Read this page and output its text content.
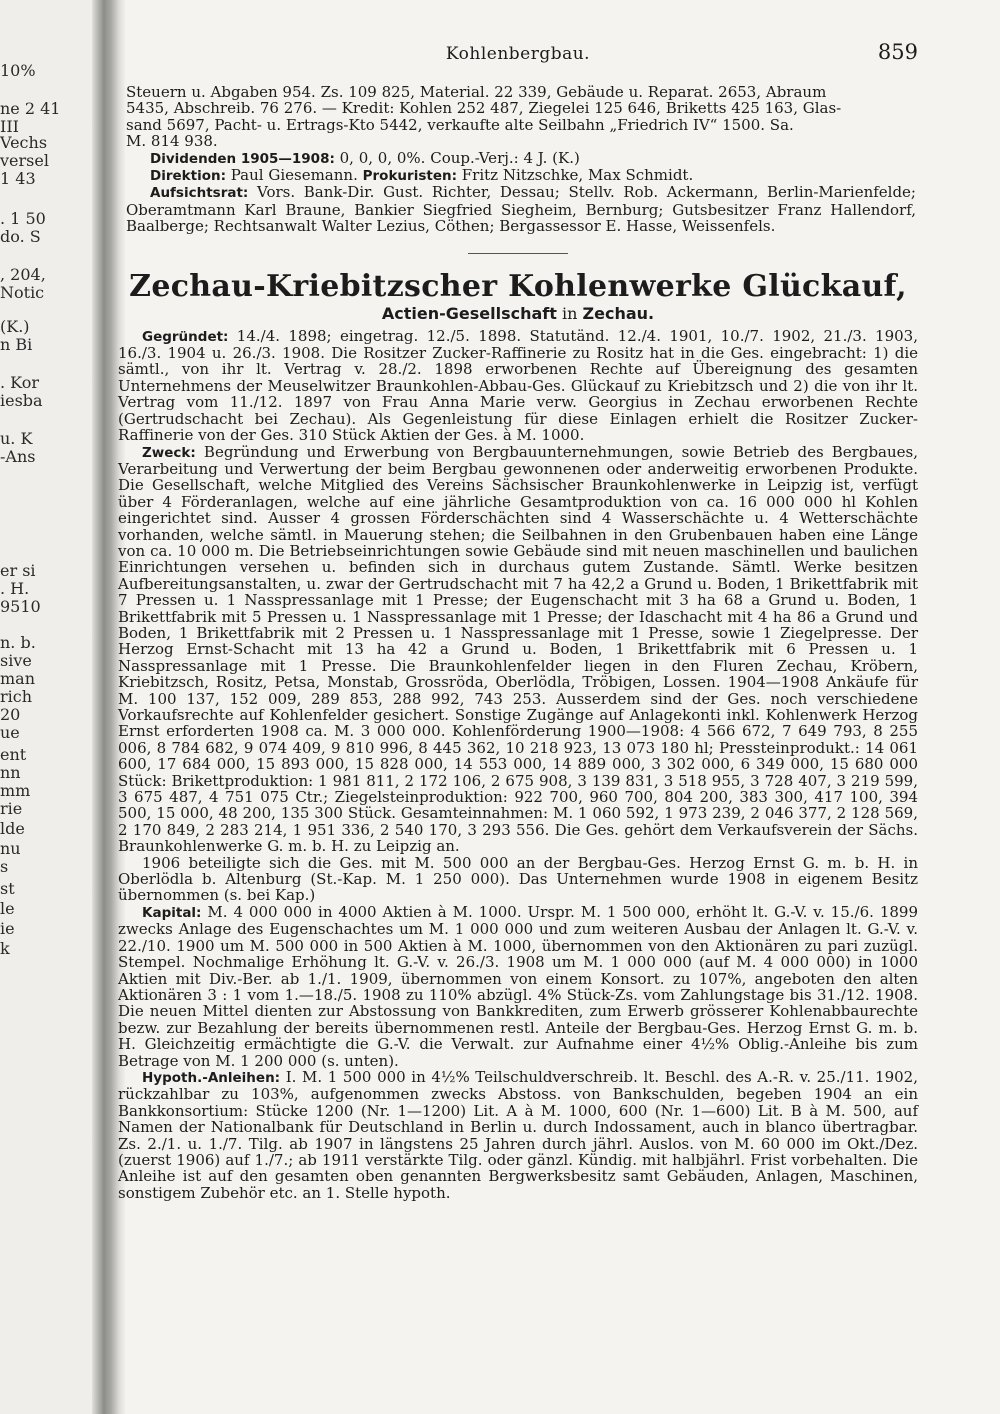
10%
ne 2 41
III
Vechs
versel
1 43
. 1 50
do. S
, 204,
Notic
(K.)
n Bi
. Kor
iesba
u. K
-Ans
er si
. H.
9510
n. b.
sive
man
rich
20
ue
ent
nn
mm
rie
lde
nu
s
st
le
ie
k
Kohlenbergbau.	859

Steuern u. Abgaben 954. Zs. 109 825, Material. 22 339, Gebäude u. Reparat. 2653, Abraum

5435, Abschreib. 76 276. — Kredit: Kohlen 252 487, Ziegelei 125 646, Briketts 425 163, Glas-

sand 5697, Pacht- u. Ertrags-Kto 5442, verkaufte alte Seilbahn „Friedrich IV“ 1500. Sa.

M. 814 938.

Dividenden 1905—1908: 0, 0, 0, 0%. Coup.-Verj.: 4 J. (K.)

Direktion: Paul Giesemann. Prokuristen: Fritz Nitzschke, Max Schmidt.

Aufsichtsrat: Vors. Bank-Dir. Gust. Richter, Dessau; Stellv. Rob. Ackermann, Berlin-Marienfelde; Oberamtmann Karl Braune, Bankier Siegfried Siegheim, Bernburg; Gutsbesitzer Franz Hallendorf, Baalberge; Rechtsanwalt Walter Lezius, Cöthen; Bergassessor E. Hasse, Weissenfels.

Zechau-Kriebitzscher Kohlenwerke Glückauf,

Actien-Gesellschaft in Zechau.

Gegründet: 14./4. 1898; eingetrag. 12./5. 1898. Statutänd. 12./4. 1901, 10./7. 1902, 21./3. 1903, 16./3. 1904 u. 26./3. 1908. Die Rositzer Zucker-Raffinerie zu Rositz hat in die Ges. eingebracht: 1) die sämtl., von ihr lt. Vertrag v. 28./2. 1898 erworbenen Rechte auf Übereignung des gesamten Unternehmens der Meuselwitzer Braunkohlen-Abbau-Ges. Glückauf zu Kriebitzsch und 2) die von ihr lt. Vertrag vom 11./12. 1897 von Frau Anna Marie verw. Georgius in Zechau erworbenen Rechte (Gertrudschacht bei Zechau). Als Gegenleistung für diese Einlagen erhielt die Rositzer Zucker-Raffinerie von der Ges. 310 Stück Aktien der Ges. à M. 1000.

Zweck: Begründung und Erwerbung von Bergbauunternehmungen, sowie Betrieb des Bergbaues, Verarbeitung und Verwertung der beim Bergbau gewonnenen oder anderweitig erworbenen Produkte. Die Gesellschaft, welche Mitglied des Vereins Sächsischer Braunkohlenwerke in Leipzig ist, verfügt über 4 Förderanlagen, welche auf eine jährliche Gesamtproduktion von ca. 16 000 000 hl Kohlen eingerichtet sind. Ausser 4 grossen Förderschächten sind 4 Wasserschächte u. 4 Wetterschächte vorhanden, welche sämtl. in Mauerung stehen; die Seilbahnen in den Grubenbauen haben eine Länge von ca. 10 000 m. Die Betriebseinrichtungen sowie Gebäude sind mit neuen maschinellen und baulichen Einrichtungen versehen u. befinden sich in durchaus gutem Zustande. Sämtl. Werke besitzen Aufbereitungsanstalten, u. zwar der Gertrudschacht mit 7 ha 42,2 a Grund u. Boden, 1 Brikettfabrik mit 7 Pressen u. 1 Nasspressanlage mit 1 Presse; der Eugenschacht mit 3 ha 68 a Grund u. Boden, 1 Brikettfabrik mit 5 Pressen u. 1 Nasspressanlage mit 1 Presse; der Idaschacht mit 4 ha 86 a Grund und Boden, 1 Brikettfabrik mit 2 Pressen u. 1 Nasspressanlage mit 1 Presse, sowie 1 Ziegelpresse. Der Herzog Ernst-Schacht mit 13 ha 42 a Grund u. Boden, 1 Brikettfabrik mit 6 Pressen u. 1 Nasspressanlage mit 1 Presse. Die Braunkohlenfelder liegen in den Fluren Zechau, Kröbern, Kriebitzsch, Rositz, Petsa, Monstab, Grossröda, Oberlödla, Tröbigen, Lossen. 1904—1908 Ankäufe für M. 100 137, 152 009, 289 853, 288 992, 743 253. Ausserdem sind der Ges. noch verschiedene Vorkaufsrechte auf Kohlenfelder gesichert. Sonstige Zugänge auf Anlagekonti inkl. Kohlenwerk Herzog Ernst erforderten 1908 ca. M. 3 000 000. Kohlenförderung 1900—1908: 4 566 672, 7 649 793, 8 255 006, 8 784 682, 9 074 409, 9 810 996, 8 445 362, 10 218 923, 13 073 180 hl; Pressteinprodukt.: 14 061 600, 17 684 000, 15 893 000, 15 828 000, 14 553 000, 14 889 000, 3 302 000, 6 349 000, 15 680 000 Stück: Brikettproduktion: 1 981 811, 2 172 106, 2 675 908, 3 139 831, 3 518 955, 3 728 407, 3 219 599, 3 675 487, 4 751 075 Ctr.; Ziegelsteinproduktion: 922 700, 960 700, 804 200, 383 300, 417 100, 394 500, 15 000, 48 200, 135 300 Stück. Gesamteinnahmen: M. 1 060 592, 1 973 239, 2 046 377, 2 128 569, 2 170 849, 2 283 214, 1 951 336, 2 540 170, 3 293 556. Die Ges. gehört dem Verkaufsverein der Sächs. Braunkohlenwerke G. m. b. H. zu Leipzig an.

1906 beteiligte sich die Ges. mit M. 500 000 an der Bergbau-Ges. Herzog Ernst G. m. b. H. in Oberlödla b. Altenburg (St.-Kap. M. 1 250 000). Das Unternehmen wurde 1908 in eigenem Besitz übernommen (s. bei Kap.)

Kapital: M. 4 000 000 in 4000 Aktien à M. 1000. Urspr. M. 1 500 000, erhöht lt. G.-V. v. 15./6. 1899 zwecks Anlage des Eugenschachtes um M. 1 000 000 und zum weiteren Ausbau der Anlagen lt. G.-V. v. 22./10. 1900 um M. 500 000 in 500 Aktien à M. 1000, übernommen von den Aktionären zu pari zuzügl. Stempel. Nochmalige Erhöhung lt. G.-V. v. 26./3. 1908 um M. 1 000 000 (auf M. 4 000 000) in 1000 Aktien mit Div.-Ber. ab 1./1. 1909, übernommen von einem Konsort. zu 107%, angeboten den alten Aktionären 3 : 1 vom 1.—18./5. 1908 zu 110% abzügl. 4% Stück-Zs. vom Zahlungstage bis 31./12. 1908. Die neuen Mittel dienten zur Abstossung von Bankkrediten, zum Erwerb grösserer Kohlenabbaurechte bezw. zur Bezahlung der bereits übernommenen restl. Anteile der Bergbau-Ges. Herzog Ernst G. m. b. H. Gleichzeitig ermächtigte die G.-V. die Verwalt. zur Aufnahme einer 4½% Oblig.-Anleihe bis zum Betrage von M. 1 200 000 (s. unten).

Hypoth.-Anleihen: I. M. 1 500 000 in 4½% Teilschuldverschreib. lt. Beschl. des A.-R. v. 25./11. 1902, rückzahlbar zu 103%, aufgenommen zwecks Abstoss. von Bankschulden, begeben 1904 an ein Bankkonsortium: Stücke 1200 (Nr. 1—1200) Lit. A à M. 1000, 600 (Nr. 1—600) Lit. B à M. 500, auf Namen der Nationalbank für Deutschland in Berlin u. durch Indossament, auch in blanco übertragbar. Zs. 2./1. u. 1./7. Tilg. ab 1907 in längstens 25 Jahren durch jährl. Auslos. von M. 60 000 im Okt./Dez. (zuerst 1906) auf 1./7.; ab 1911 verstärkte Tilg. oder gänzl. Kündig. mit halbjährl. Frist vorbehalten. Die Anleihe ist auf den gesamten oben genannten Bergwerksbesitz samt Gebäuden, Anlagen, Maschinen, sonstigem Zubehör etc. an 1. Stelle hypoth.
